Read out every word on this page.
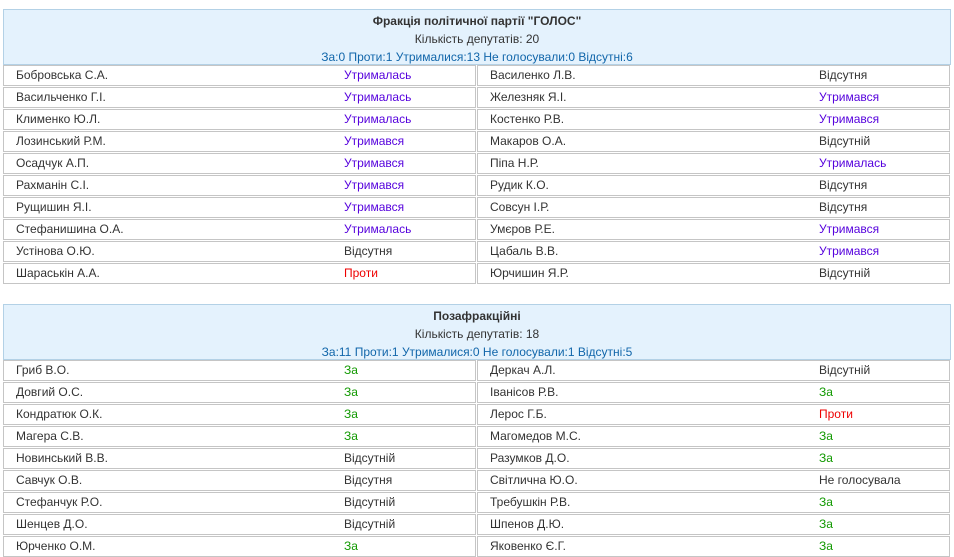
Фракція політичної партії "ГОЛОС"
Кількість депутатів: 20
За:0 Проти:1 Утрималися:13 Не голосували:0 Відсутні:6
Бобровська С.А.	Утрималась	Василенко Л.В.	Відсутня
Васильченко Г.І.	Утрималась	Железняк Я.І.	Утримався
Клименко Ю.Л.	Утрималась	Костенко Р.В.	Утримався
Лозинський Р.М.	Утримався	Макаров О.А.	Відсутній
Осадчук А.П.	Утримався	Піпа Н.Р.	Утрималась
Рахманін С.І.	Утримався	Рудик К.О.	Відсутня
Рущишин Я.І.	Утримався	Совсун І.Р.	Відсутня
Стефанишина О.А.	Утрималась	Умєров Р.Е.	Утримався
Устінова О.Ю.	Відсутня	Цабаль В.В.	Утримався
Шараськін А.А.	Проти	Юрчишин Я.Р.	Відсутній
Позафракційні
Кількість депутатів: 18
За:11 Проти:1 Утрималися:0 Не голосували:1 Відсутні:5
Гриб В.О.	За	Деркач А.Л.	Відсутній
Довгий О.С.	За	Іванісов Р.В.	За
Кондратюк О.К.	За	Лерос Г.Б.	Проти
Магера С.В.	За	Магомедов М.С.	За
Новинський В.В.	Відсутній	Разумков Д.О.	За
Савчук О.В.	Відсутня	Світлична Ю.О.	Не голосувала
Стефанчук Р.О.	Відсутній	Требушкін Р.В.	За
Шенцев Д.О.	Відсутній	Шпенов Д.Ю.	За
Юрченко О.М.	За	Яковенко Є.Г.	За
